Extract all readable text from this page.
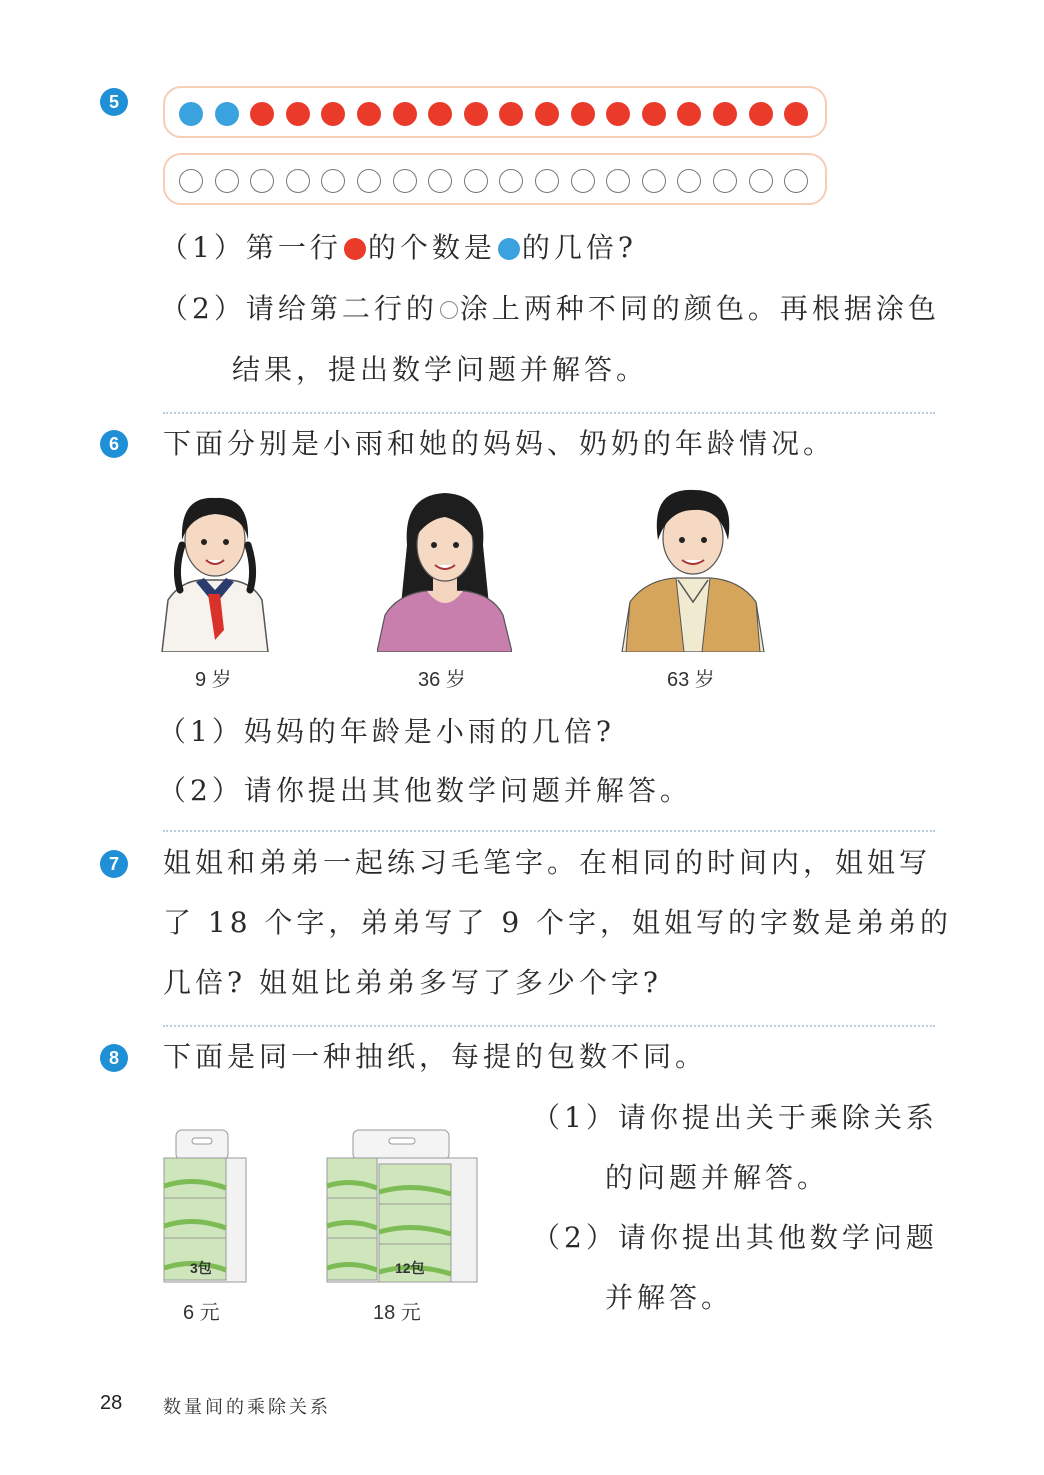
5
（1）第一行 的个数是 的几倍?
（2）请给第二行的 涂上两种不同的颜色。再根据涂色
结果，提出数学问题并解答。
6	下面分别是小雨和她的妈妈、奶奶的年龄情况。
9 岁	36 岁	63 岁
（1）妈妈的年龄是小雨的几倍?
（2）请你提出其他数学问题并解答。
7	姐姐和弟弟一起练习毛笔字。在相同的时间内，姐姐写
了 18 个字，弟弟写了 9 个字，姐姐写的字数是弟弟的
几倍? 姐姐比弟弟多写了多少个字?
8	下面是同一种抽纸，每提的包数不同。
3包
6 元
12包
18 元
（1）请你提出关于乘除关系
的问题并解答。
（2）请你提出其他数学问题
并解答。
28 数量间的乘除关系
